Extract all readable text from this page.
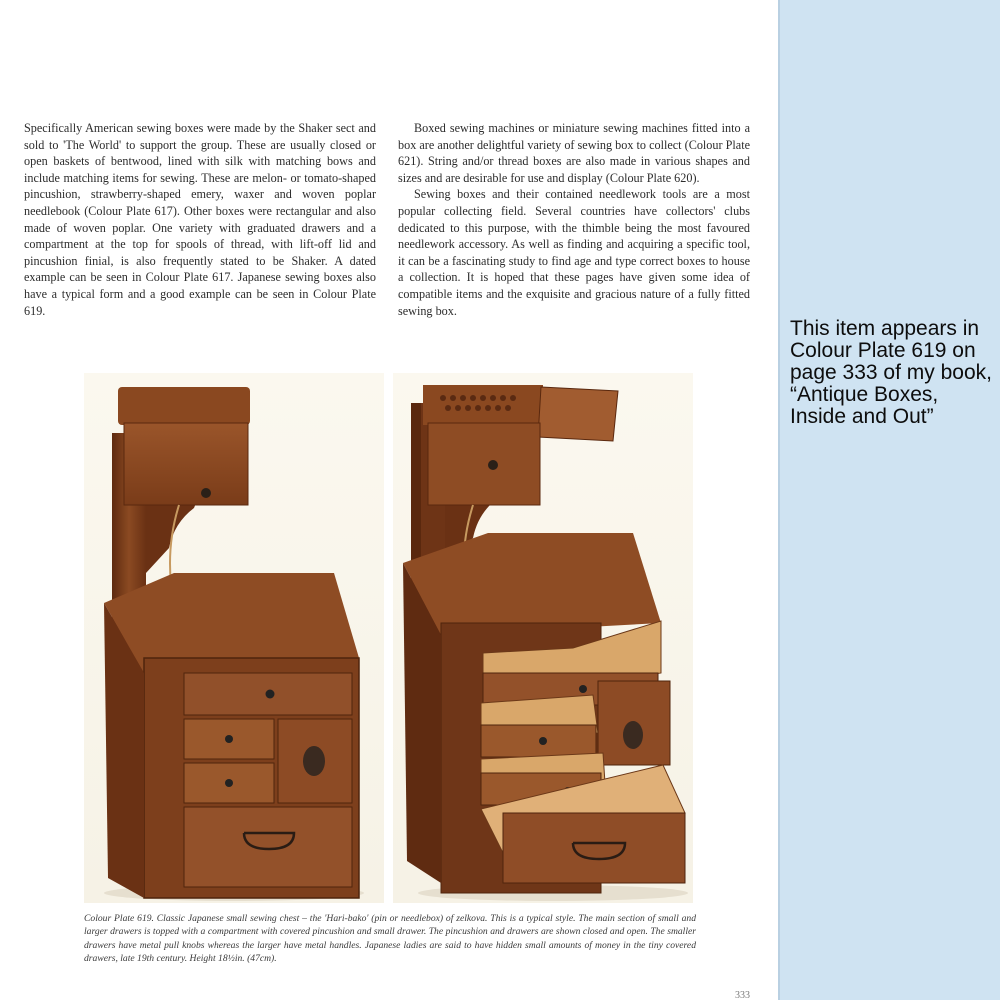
Specifically American sewing boxes were made by the Shaker sect and sold to 'The World' to support the group. These are usually closed or open baskets of bentwood, lined with silk with matching bows and include matching items for sewing. These are melon- or tomato-shaped pincushion, strawberry-shaped emery, waxer and woven poplar needlebook (Colour Plate 617). Other boxes were rectangular and also made of woven poplar. One variety with graduated drawers and a compartment at the top for spools of thread, with lift-off lid and pincushion finial, is also frequently stated to be Shaker. A dated example can be seen in Colour Plate 617. Japanese sewing boxes also have a typical form and a good example can be seen in Colour Plate 619.

Boxed sewing machines or miniature sewing machines fitted into a box are another delightful variety of sewing box to collect (Colour Plate 621). String and/or thread boxes are also made in various shapes and sizes and are desirable for use and display (Colour Plate 620).

Sewing boxes and their contained needlework tools are a most popular collecting field. Several countries have collectors' clubs dedicated to this purpose, with the thimble being the most favoured needlework accessory. As well as finding and acquiring a specific tool, it can be a fascinating study to find age and type correct boxes to house a collection. It is hoped that these pages have given some idea of compatible items and the exquisite and gracious nature of a fully fitted sewing box.

Colour Plate 619. Classic Japanese small sewing chest – the 'Hari-bako' (pin or needlebox) of zelkova. This is a typical style. The main section of small and larger drawers is topped with a compartment with covered pincushion and small drawer. The pincushion and drawers are shown closed and open. The smaller drawers have metal pull knobs whereas the larger have metal handles. Japanese ladies are said to have hidden small amounts of money in the tiny covered drawers, late 19th century. Height 18½in. (47cm).
333
This item appears in Colour Plate 619 on page 333 of my book, “Antique Boxes, Inside and Out”
